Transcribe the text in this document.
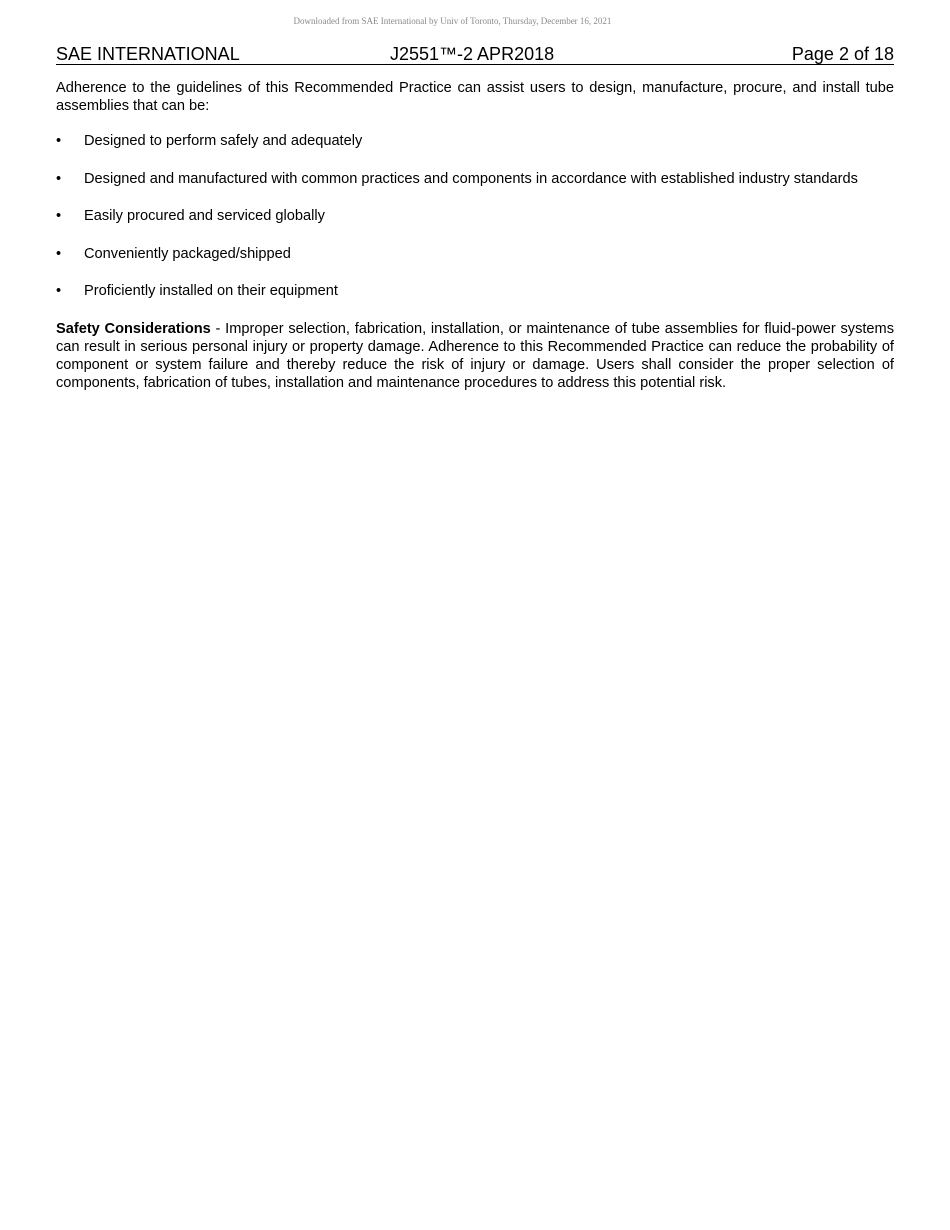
Downloaded from SAE International by Univ of Toronto, Thursday, December 16, 2021
SAE INTERNATIONAL	J2551™-2 APR2018	Page 2 of 18

Adherence to the guidelines of this Recommended Practice can assist users to design, manufacture, procure, and install tube assemblies that can be:

• Designed to perform safely and adequately
• Designed and manufactured with common practices and components in accordance with established industry standards
• Easily procured and serviced globally
• Conveniently packaged/shipped
• Proficiently installed on their equipment

Safety Considerations - Improper selection, fabrication, installation, or maintenance of tube assemblies for fluid-power systems can result in serious personal injury or property damage. Adherence to this Recommended Practice can reduce the probability of component or system failure and thereby reduce the risk of injury or damage. Users shall consider the proper selection of components, fabrication of tubes, installation and maintenance procedures to address this potential risk.
